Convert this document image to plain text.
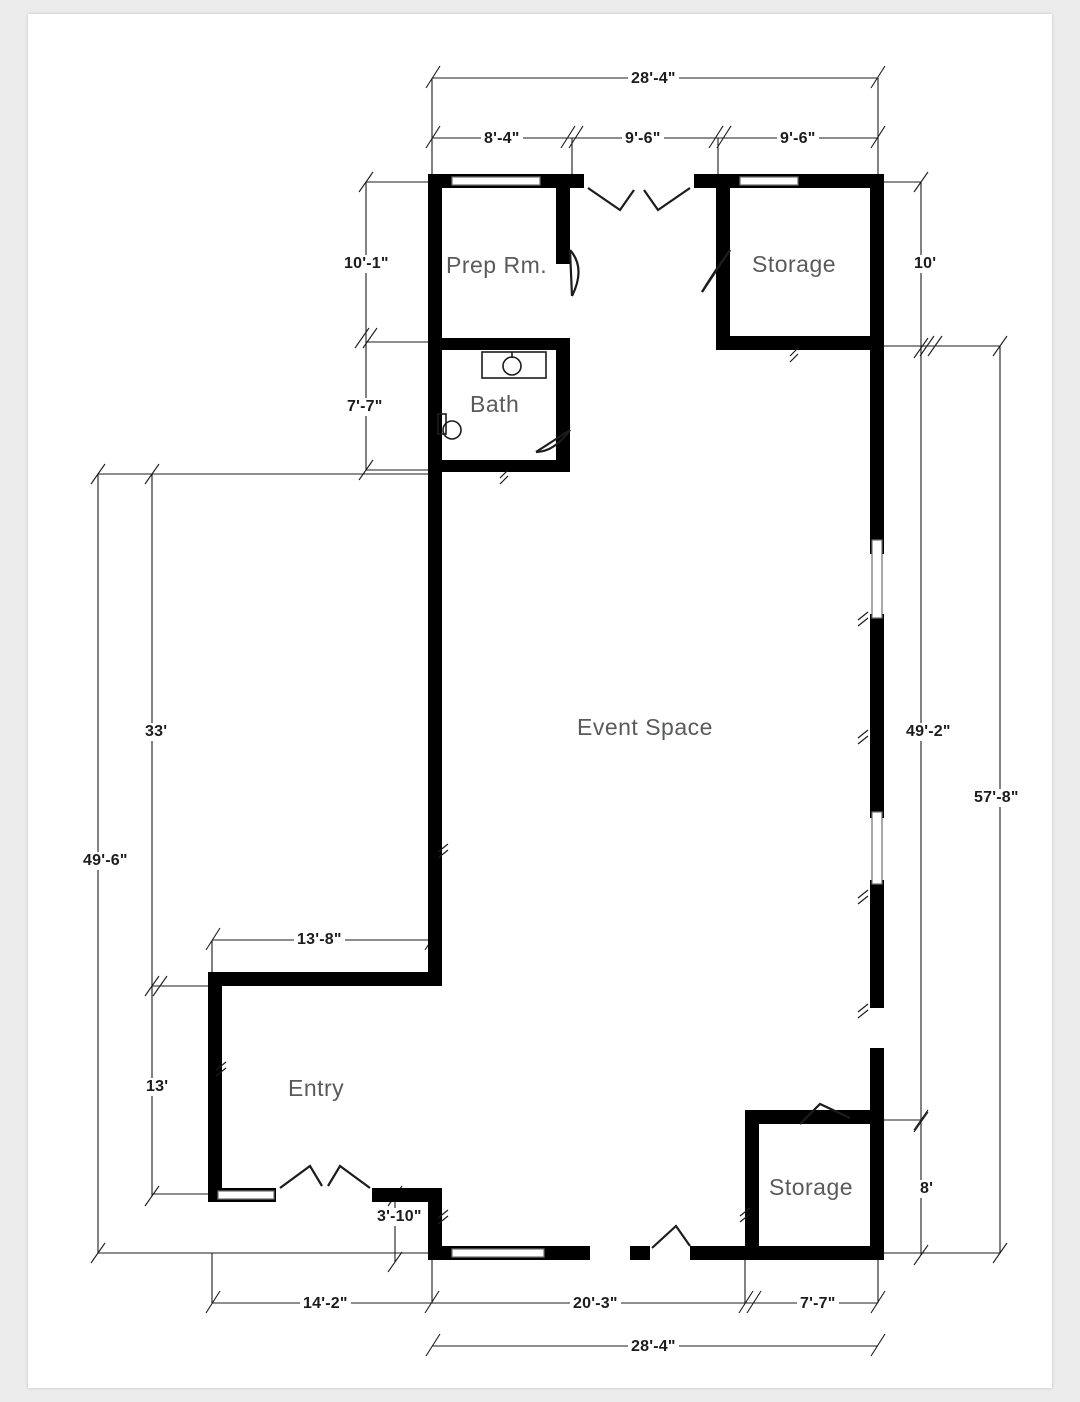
Prep Rm.
Bath
Storage
Event Space
Entry
Storage
28'-4"
8'-4"	9'-6"	9'-6"
10'-1"
7'-7"
10'
33'
49'-6"
49'-2"
57'-8"
13'-8"
13'
3'-10"
8'
14'-2"	20'-3"	7'-7"
28'-4"
